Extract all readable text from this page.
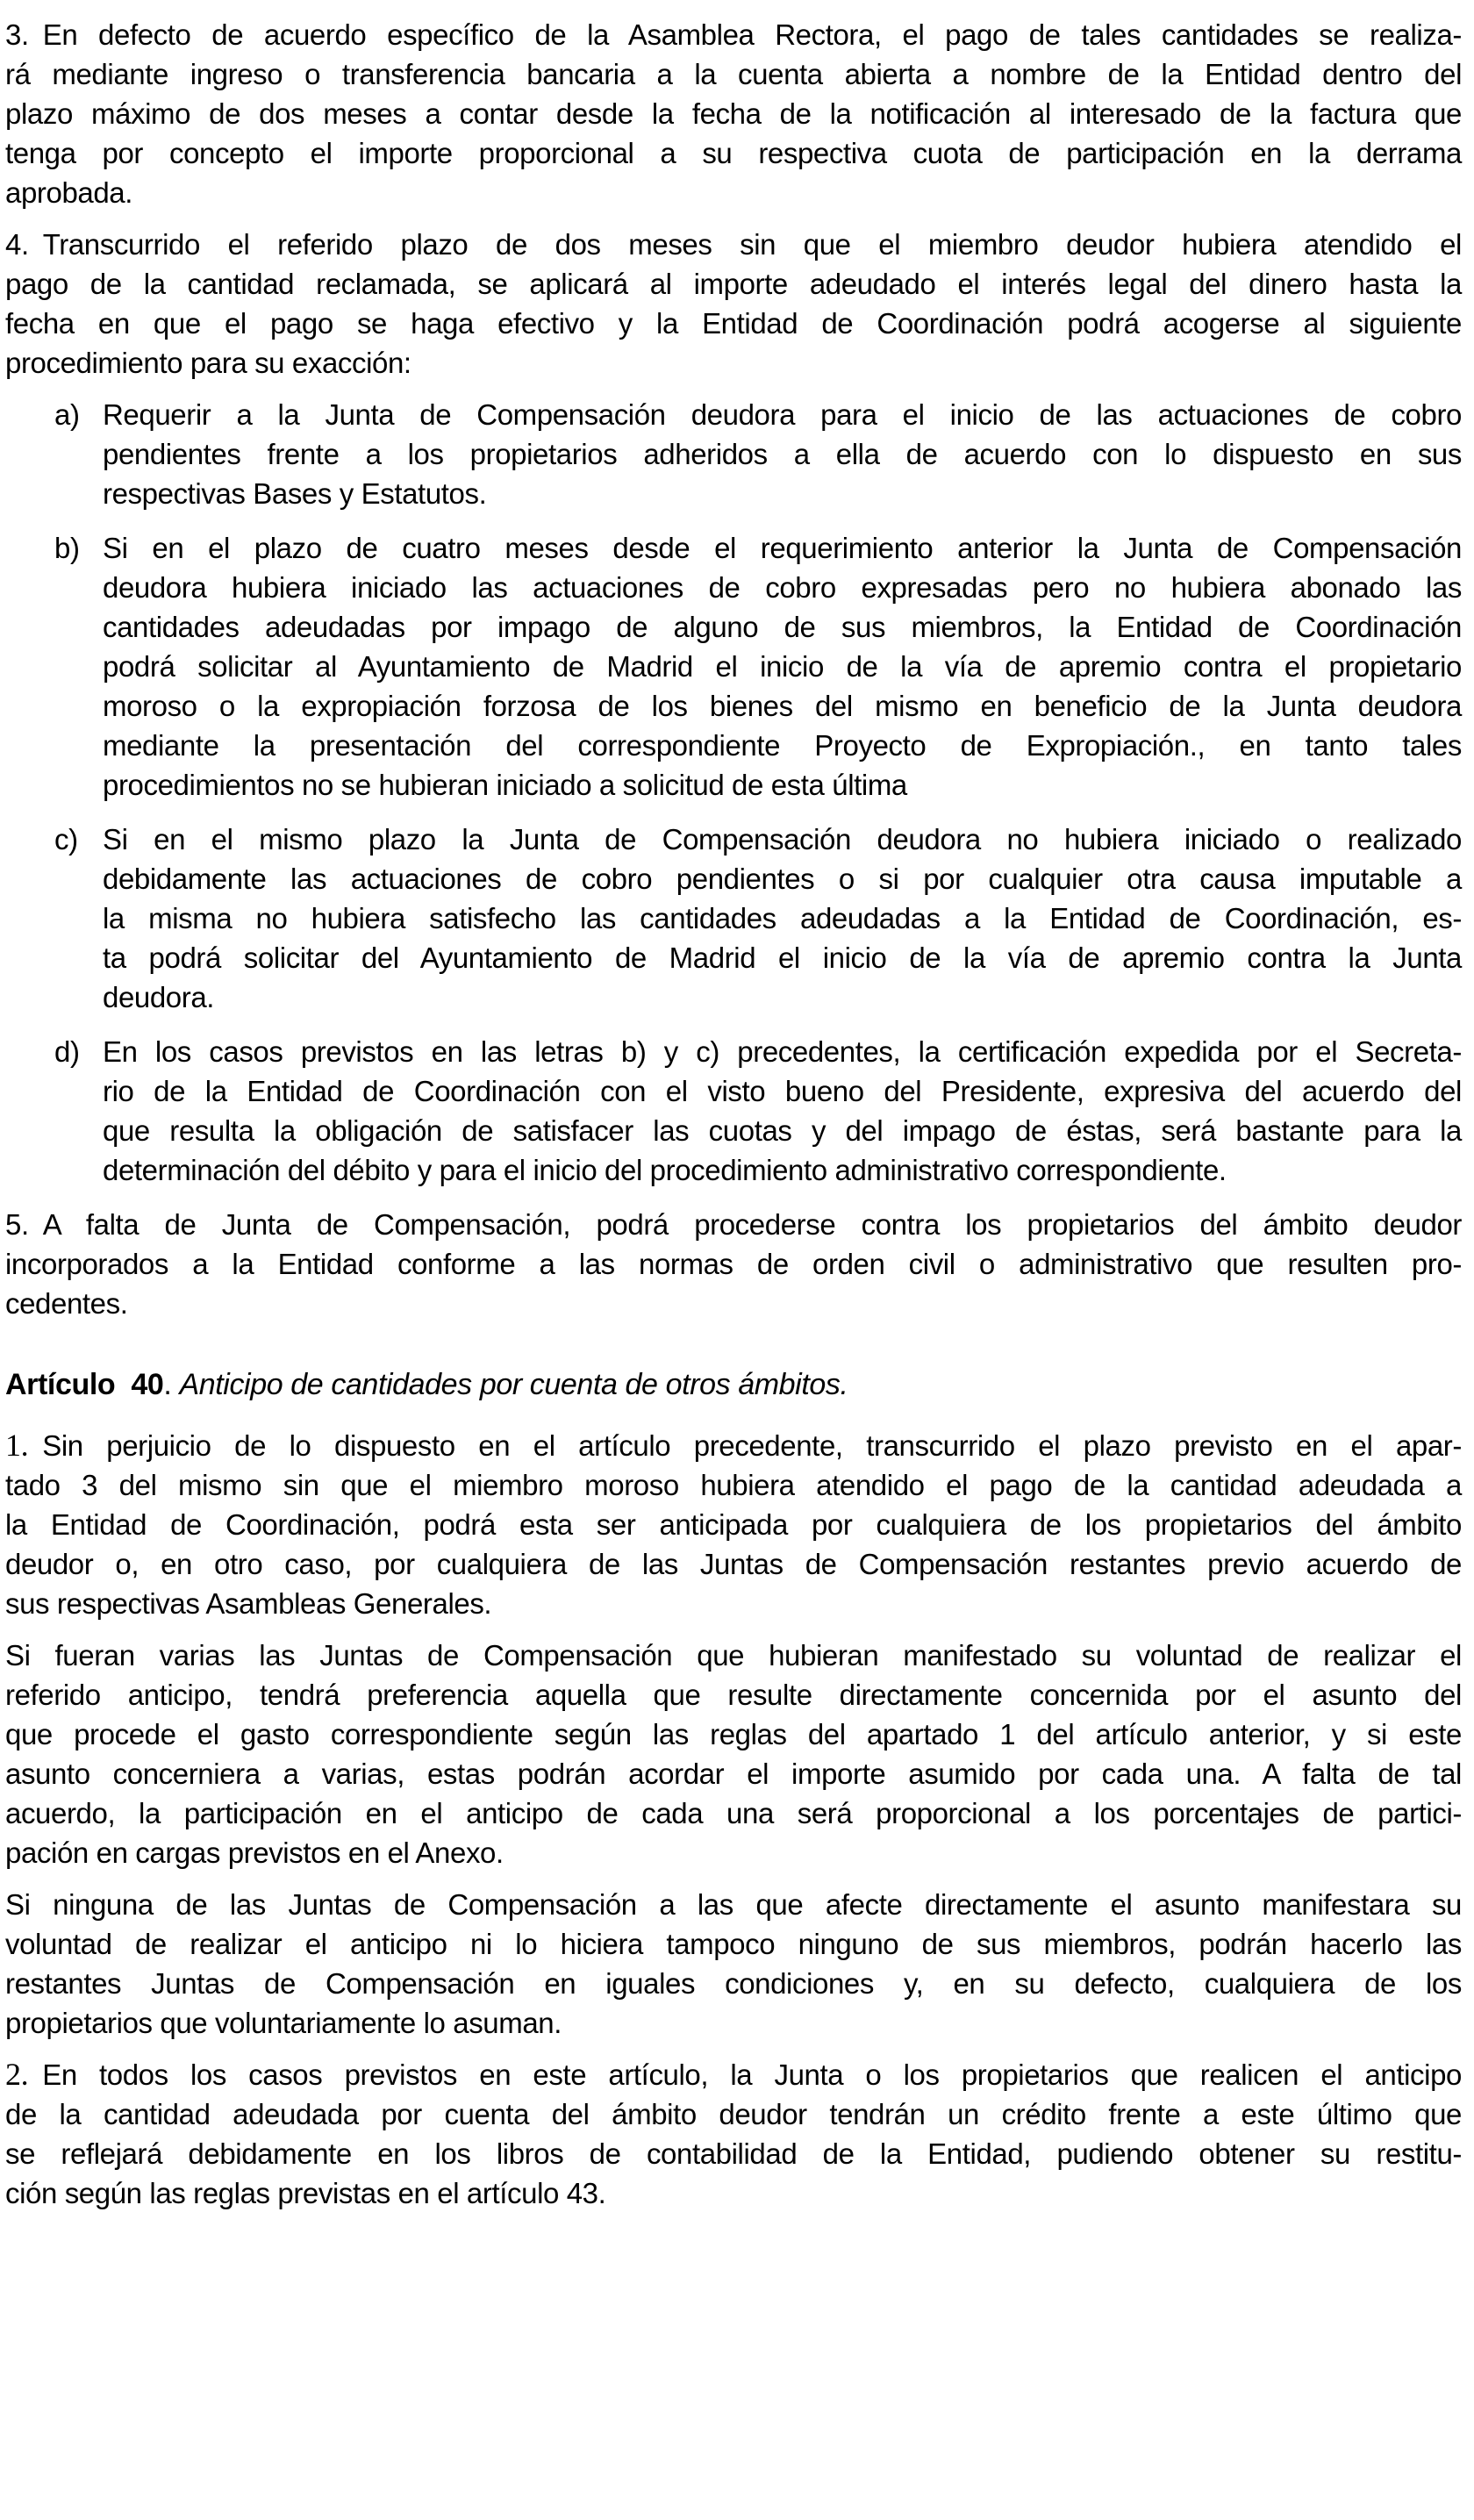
3. En defecto de acuerdo específico de la Asamblea Rectora, el pago de tales cantidades se realiza-
rá mediante ingreso o transferencia bancaria a la cuenta abierta a nombre de la Entidad dentro del
plazo máximo de dos meses a contar desde la fecha de la notificación al interesado de la factura que
tenga por concepto el importe proporcional a su respectiva cuota de participación en la derrama
aprobada.
4. Transcurrido el referido plazo de dos meses sin que el miembro deudor hubiera atendido el
pago de la cantidad reclamada, se aplicará al importe adeudado el interés legal del dinero hasta la
fecha en que el pago se haga efectivo y la Entidad de Coordinación podrá acogerse al siguiente
procedimiento para su exacción:
a) Requerir a la Junta de Compensación deudora para el inicio de las actuaciones de cobro
pendientes frente a los propietarios adheridos a ella de acuerdo con lo dispuesto en sus
respectivas Bases y Estatutos.
b) Si en el plazo de cuatro meses desde el requerimiento anterior la Junta de Compensación
deudora hubiera iniciado las actuaciones de cobro expresadas pero no hubiera abonado las
cantidades adeudadas por impago de alguno de sus miembros, la Entidad de Coordinación
podrá solicitar al Ayuntamiento de Madrid el inicio de la vía de apremio contra el propietario
moroso o la expropiación forzosa de los bienes del mismo en beneficio de la Junta deudora
mediante la presentación del correspondiente Proyecto de Expropiación., en tanto tales
procedimientos no se hubieran iniciado a solicitud de esta última
c) Si en el mismo plazo la Junta de Compensación deudora no hubiera iniciado o realizado
debidamente las actuaciones de cobro pendientes o si por cualquier otra causa imputable a
la misma no hubiera satisfecho las cantidades adeudadas a la Entidad de Coordinación, es-
ta podrá solicitar del Ayuntamiento de Madrid el inicio de la vía de apremio contra la Junta
deudora.
d) En los casos previstos en las letras b) y c) precedentes, la certificación expedida por el Secreta-
rio de la Entidad de Coordinación con el visto bueno del Presidente, expresiva del acuerdo del
que resulta la obligación de satisfacer las cuotas y del impago de éstas, será bastante para la
determinación del débito y para el inicio del procedimiento administrativo correspondiente.
5. A falta de Junta de Compensación, podrá procederse contra los propietarios del ámbito deudor
incorporados a la Entidad conforme a las normas de orden civil o administrativo que resulten pro-
cedentes.
Artículo  40. Anticipo de cantidades por cuenta de otros ámbitos.
1. Sin perjuicio de lo dispuesto en el artículo precedente, transcurrido el plazo previsto en el apar-
tado 3 del mismo sin que el miembro moroso hubiera atendido el pago de la cantidad adeudada a
la Entidad de Coordinación, podrá esta ser anticipada por cualquiera de los propietarios del ámbito
deudor o, en otro caso, por cualquiera de las Juntas de Compensación restantes previo acuerdo de
sus respectivas Asambleas Generales.
Si fueran varias las Juntas de Compensación que hubieran manifestado su voluntad de realizar el
referido anticipo, tendrá preferencia aquella que resulte directamente concernida por el asunto del
que procede el gasto correspondiente según las reglas del apartado 1 del artículo anterior, y si este
asunto concerniera a varias, estas podrán acordar el importe asumido por cada una. A falta de tal
acuerdo, la participación en el anticipo de cada una será proporcional a los porcentajes de partici-
pación en cargas previstos en el Anexo.
Si ninguna de las Juntas de Compensación a las que afecte directamente el asunto manifestara su
voluntad de realizar el anticipo ni lo hiciera tampoco ninguno de sus miembros, podrán hacerlo las
restantes Juntas de Compensación en iguales condiciones y, en su defecto, cualquiera de los
propietarios que voluntariamente lo asuman.
2. En todos los casos previstos en este artículo, la Junta o los propietarios que realicen el anticipo
de la cantidad adeudada por cuenta del ámbito deudor tendrán un crédito frente a este último que
se reflejará debidamente en los libros de contabilidad de la Entidad, pudiendo obtener su restitu-
ción según las reglas previstas en el artículo 43.
